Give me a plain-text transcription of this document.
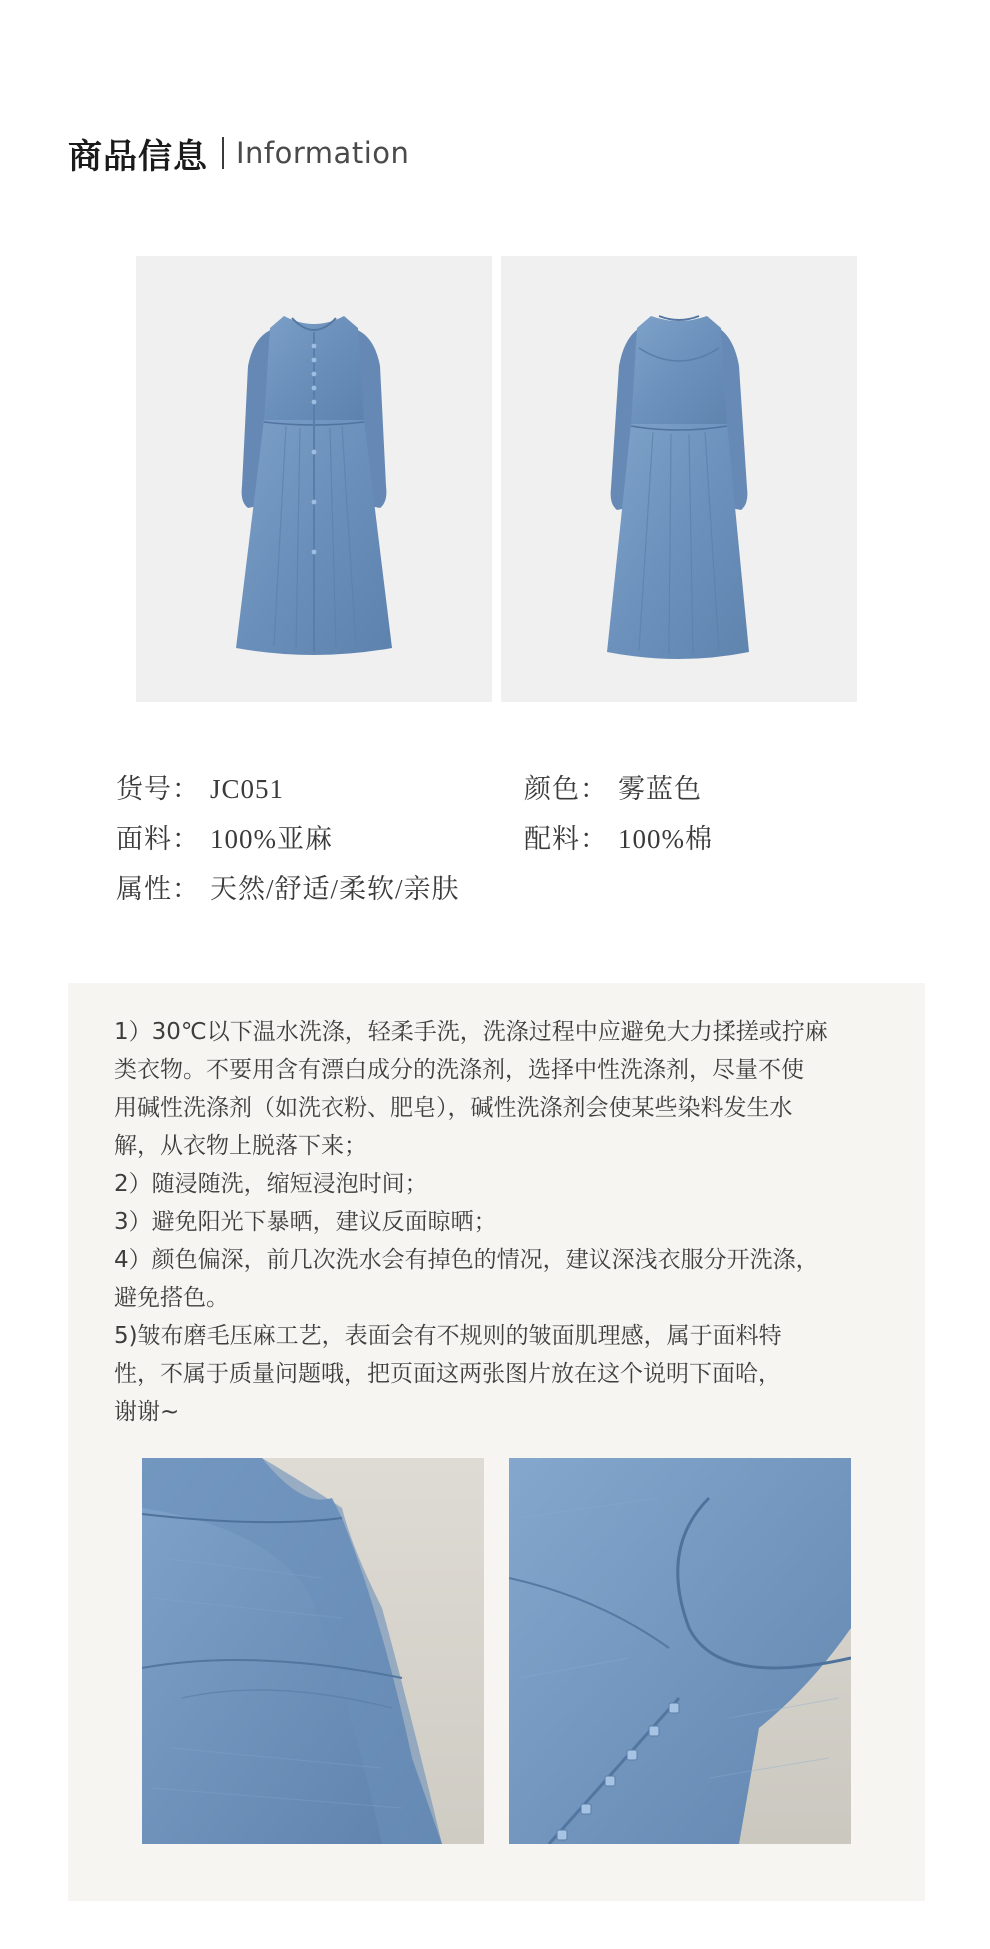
商品信息 Information
货号： JC051	颜色： 雾蓝色
面料： 100%亚麻	配料： 100%棉
属性： 天然/舒适/柔软/亲肤
1）30℃以下温水洗涤，轻柔手洗，洗涤过程中应避免大力揉搓或拧麻
类衣物。不要用含有漂白成分的洗涤剂，选择中性洗涤剂，尽量不使
用碱性洗涤剂（如洗衣粉、肥皂），碱性洗涤剂会使某些染料发生水
解，从衣物上脱落下来；
2）随浸随洗，缩短浸泡时间；
3）避免阳光下暴晒，建议反面晾晒；
4）颜色偏深，前几次洗水会有掉色的情况，建议深浅衣服分开洗涤，
避免搭色。
5)皱布磨毛压麻工艺，表面会有不规则的皱面肌理感，属于面料特
性，不属于质量问题哦，把页面这两张图片放在这个说明下面哈，
谢谢~
